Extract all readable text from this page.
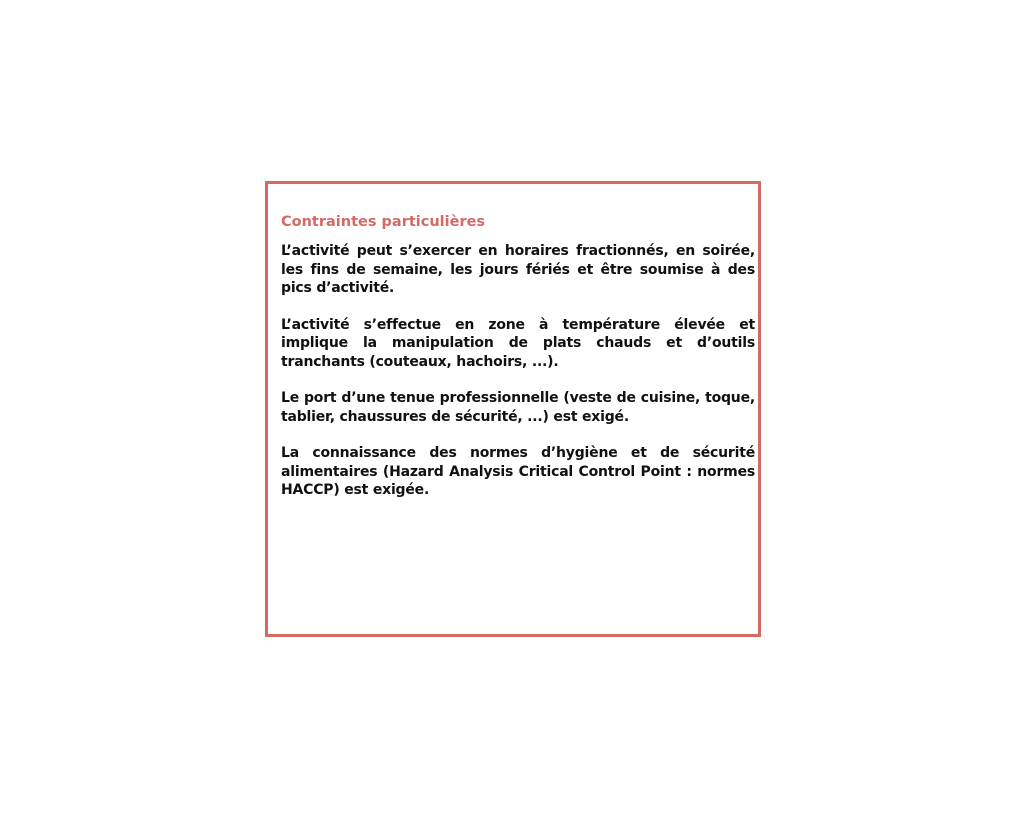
Contraintes particulières

L’activité peut s’exercer en horaires fractionnés, en soirée, les fins de semaine, les jours fériés et être soumise à des pics d’activité.

L’activité s’effectue en zone à température élevée et implique la manipulation de plats chauds et d’outils tranchants (couteaux, hachoirs, ...).

Le port d’une tenue professionnelle (veste de cuisine, toque, tablier, chaussures de sécurité, ...) est exigé.

La connaissance des normes d’hygiène et de sécurité alimentaires (Hazard Analysis Critical Control Point : normes HACCP) est exigée.
